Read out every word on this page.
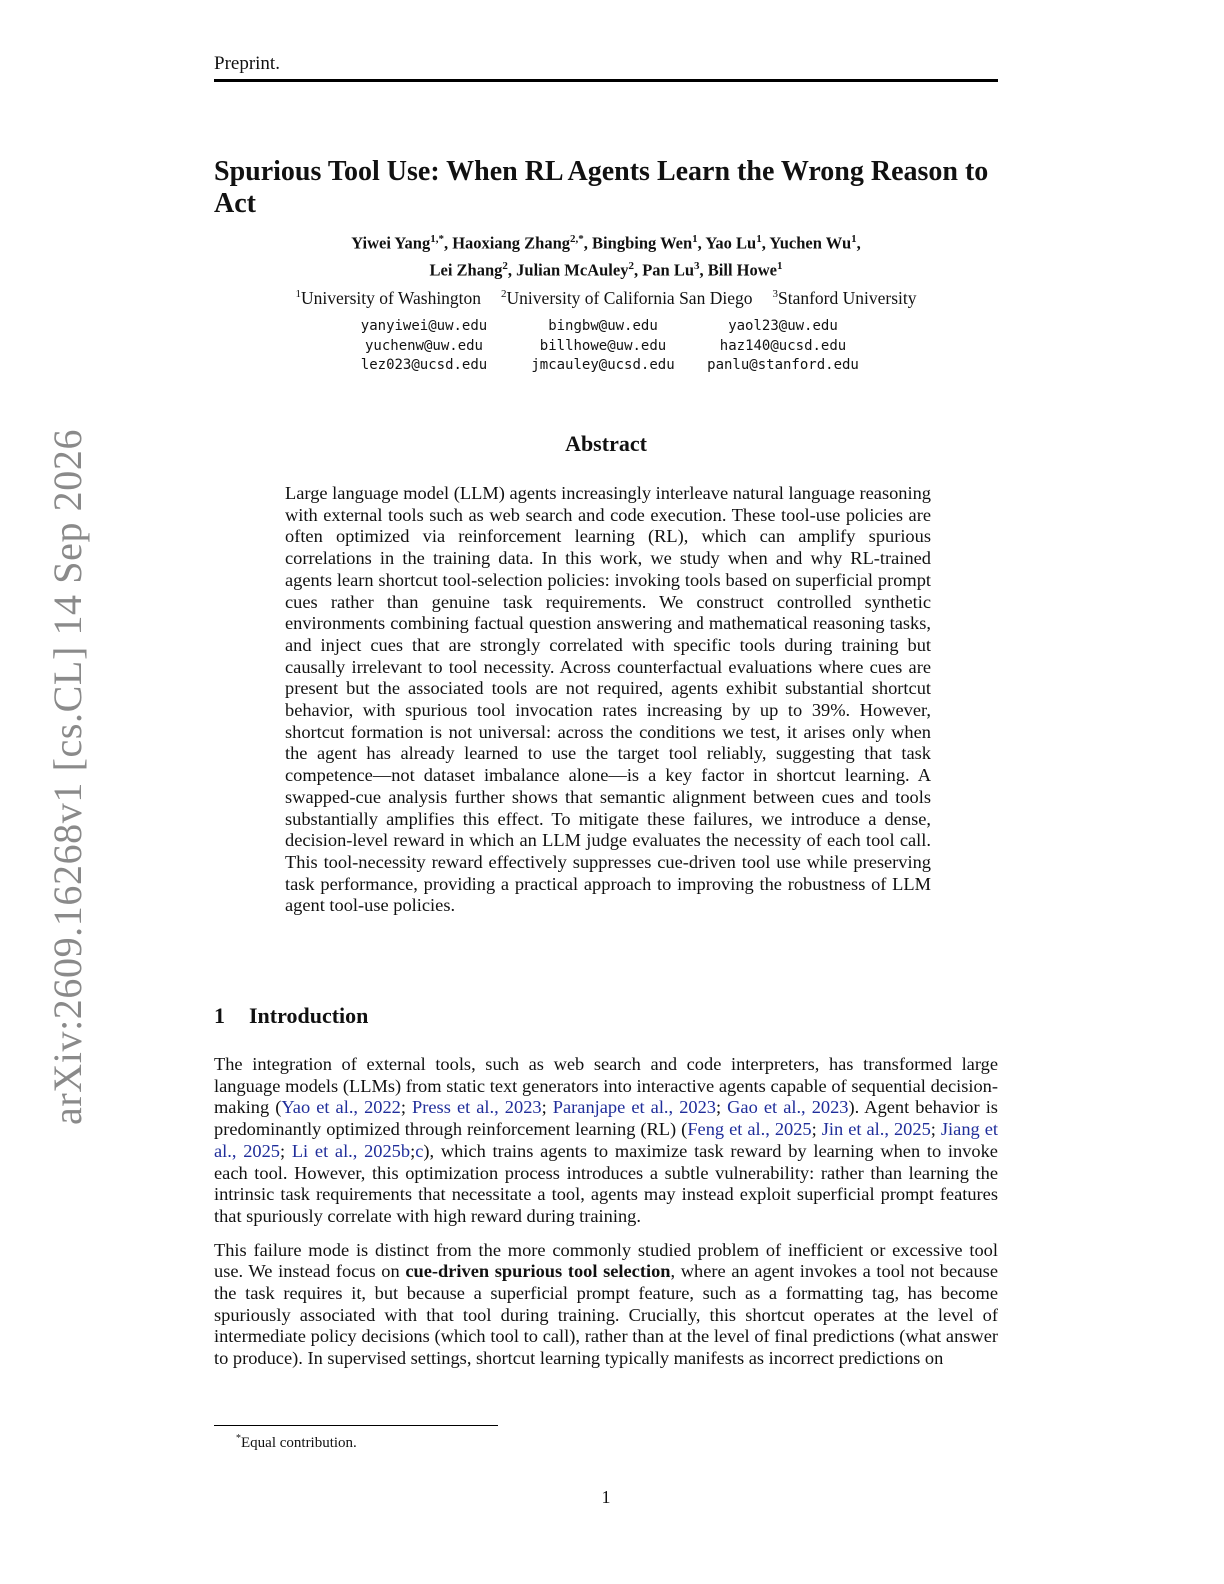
Preprint.
arXiv:2609.16268v1 [cs.CL] 14 Sep 2026
Spurious Tool Use: When RL Agents Learn the Wrong Reason to Act
Yiwei Yang$^{1,*}$, Haoxiang Zhang$^{2,*}$, Bingbing Wen$^1$, Yao Lu$^1$, Yuchen Wu$^1$,
Lei Zhang$^2$, Julian McAuley$^2$, Pan Lu$^3$, Bill Howe$^1$
$^1$University of Washington $^2$University of California San Diego $^3$Stanford University
yanyiwei@uw.edu	bingbw@uw.edu	yaol23@uw.edu
yuchenw@uw.edu	billhowe@uw.edu	haz140@ucsd.edu
lez023@ucsd.edu	jmcauley@ucsd.edu	panlu@stanford.edu
Abstract
Large language model (LLM) agents increasingly interleave natural language reasoning with external tools such as web search and code execution. These tool-use policies are often optimized via reinforcement learning (RL), which can amplify spurious correlations in the training data. In this work, we study when and why RL-trained agents learn shortcut tool-selection policies: invoking tools based on superficial prompt cues rather than genuine task requirements. We construct controlled synthetic environments combining factual question answering and mathematical reasoning tasks, and inject cues that are strongly correlated with specific tools during training but causally irrelevant to tool necessity. Across counterfactual evaluations where cues are present but the associated tools are not required, agents exhibit substantial shortcut behavior, with spurious tool invocation rates increasing by up to 39%. However, shortcut formation is not universal: across the conditions we test, it arises only when the agent has already learned to use the target tool reliably, suggesting that task competence—not dataset imbalance alone—is a key factor in shortcut learning. A swapped-cue analysis further shows that semantic alignment between cues and tools substantially amplifies this effect. To mitigate these failures, we introduce a dense, decision-level reward in which an LLM judge evaluates the necessity of each tool call. This tool-necessity reward effectively suppresses cue-driven tool use while preserving task performance, providing a practical approach to improving the robustness of LLM agent tool-use policies.
1 Introduction

The integration of external tools, such as web search and code interpreters, has transformed large language models (LLMs) from static text generators into interactive agents capable of sequential decision-making (Yao et al., 2022; Press et al., 2023; Paranjape et al., 2023; Gao et al., 2023). Agent behavior is predominantly optimized through reinforcement learning (RL) (Feng et al., 2025; Jin et al., 2025; Jiang et al., 2025; Li et al., 2025b;c), which trains agents to maximize task reward by learning when to invoke each tool. However, this optimization process introduces a subtle vulnerability: rather than learning the intrinsic task requirements that necessitate a tool, agents may instead exploit superficial prompt features that spuriously correlate with high reward during training.

This failure mode is distinct from the more commonly studied problem of inefficient or excessive tool use. We instead focus on cue-driven spurious tool selection, where an agent invokes a tool not because the task requires it, but because a superficial prompt feature, such as a formatting tag, has become spuriously associated with that tool during training. Crucially, this shortcut operates at the level of intermediate policy decisions (which tool to call), rather than at the level of final predictions (what answer to produce). In supervised settings, shortcut learning typically manifests as incorrect predictions on

*Equal contribution.
1
